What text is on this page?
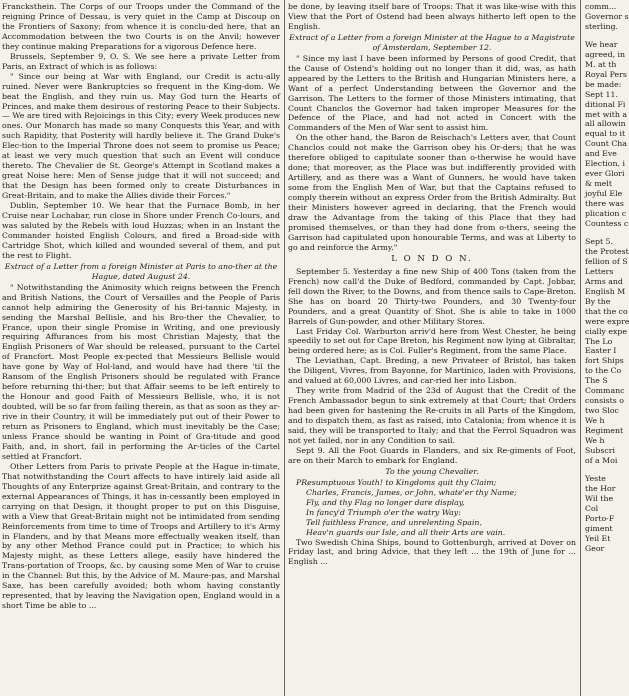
Francksthein. The Corps of our Troops under the Command of the reigning Prince of Dessau, is very quiet in the Camp at Discoup on the Frontiers of Saxony; from whence it is conclu-ded here, that an Accommodation between the two Courts is on the Anvil; however they continue making Preparations for a vigorous Defence here.

Brussels, September 9, O. S. We see here a private Letter from Paris, an Extract of which is as follows:

" Since our being at War with England, our Credit is actu-ally ruined. Never were Bankruptcies so frequent in the King-dom. We beat the English, and they ruin us. May God turn the Hearts of Princes, and make them desirous of restoring Peace to their Subjects. — We are tired with Rejoicings in this City; every Week produces new ones. Our Monarch has made so many Conquests this Year, and with such Rapidity, that Posterity will hardly believe it. The Grand Duke's Elec-tion to the Imperial Throne does not seem to promise us Peace; at least we very much question that such an Event will conduce thereto. The Chevalier de St. George's Attempt in Scotland makes a great Noise here: Men of Sense judge that it will not succeed; and that the Design has been formed only to create Disturbances in Great-Britain, and to make the Allies divide their Forces."

Dublin, September 10. We hear that the Furnace Bomb, in her Cruise near Lochabar, run close in Shore under French Co-lours, and was saluted by the Rebels with loud Huzzas; when in an Instant the Commander hoisted English Colours, and fired a Broad-side with Cartridge Shot, which killed and wounded several of them, and put the rest to Flight.

Extract of a Letter from a foreign Minister at Paris to ano-ther at the Hague, dated August 24.

" Notwithstanding the Animosity which reigns between the French and British Nations, the Court of Versailles and the People of Paris cannot help admiring the Generosity of his Bri-tannic Majesty, in sending the Marshal Bellisle, and his Bro-ther the Chevalier, to France, upon their single Promise in Writing, and one previously requiring Affurances from his most Christian Majesty, that the English Prisoners of War should be released, pursuant to the Cartel of Francfort. Most People ex-pected that Messieurs Bellisle would have gone by Way of Hol-land, and would have had there 'til the Ransom of the English Prisoners should be regulated with France before returning thi-ther; but that Affair seems to be left entirely to the Honour and good Faith of Messieurs Bellisle, who, it is not doubted, will be so far from failing therein, as that as soon as they ar-rive in their Country, it will be immediately put out of their Power to return as Prisoners to England, which must inevitably be the Case; unless France should be wanting in Point of Gra-titude and good Faith, and, in short, fail in performing the Ar-ticles of the Cartel settled at Francfort.

Other Letters from Paris to private People at the Hague in-timate, That notwithstanding the Court affects to have intirely laid aside all Thoughts of any Enterprize against Great-Britain, and contrary to the external Appearances of Things, it has in-cessantly been employed in carrying on that Design, it thought proper to put on this Disguise, with a View that Great-Britain might not be intimidated from sending Reinforcements from time to time of Troops and Artillery to it's Army in Flanders, and by that Means more effectually weaken itself, than by any other Method France could put in Practice; to which his Majesty might, as these Letters allege, easily have hindered the Trans-portation of Troops, &c. by causing some Men of War to cruise in the Channel: But this, by the Advice of M. Maure-pas, and Marshal Saxe, has been carefully avoided; both whom having constantly represented, that by leaving the Navigation open, England would in a short Time be able to ...

be done, by leaving itself bare of Troops: That it was like-wise with this View that the Port of Ostend had been always hitherto left open to the English.

Extract of a Letter from a foreign Minister at the Hague to a Magistrate of Amsterdam, September 12.

" Since my last I have been informed by Persons of good Credit, that the Cause of Ostend's holding out no longer than it did, was, as hath appeared by the Letters to the British and Hungarian Ministers here, a Want of a perfect Understanding between the Governor and the Garrison. The Letters to the former of those Ministers intimating, that Count Chanclos the Governor had taken improper Measures for the Defence of the Place, and had not acted in Concert with the Commanders of the Men of War sent to assist him.

On the other hand, the Baron de Reischach's Letters aver, that Count Chanclos could not make the Garrison obey his Or-ders; that he was therefore obliged to capitulate sooner than o-therwise he would have done; that moreover, as the Place was but indifferently provided with Artillery, and as there was a Want of Gunners, he would have taken some from the English Men of War, but that the Captains refused to comply therein without an express Order from the British Admiralty. But their Ministers however agreed in declaring, that the French would draw the Advantage from the taking of this Place that they had promised themselves, or than they had done from o-thers, seeing the Garrison had capitulated upon honourable Terms, and was at Liberty to go and reinforce the Army."

L O N D O N.

September 5. Yesterday a fine new Ship of 400 Tons (taken from the French) now call'd the Duke of Bedford, commanded by Capt. Jobbar, fell down the River, to the Downs, and from thence sails to Cape-Breton. She has on board 20 Thirty-two Pounders, and 30 Twenty-four Pounders, and a great Quantity of Shot. She is able to take in 1000 Barrels of Gun-powder, and other Military Stores.

Last Friday Col. Warburton arriv'd here from West Chester, he being speedily to set out for Cape Breton, his Regiment now lying at Gibraltar, being ordered here; as is Col. Fuller's Regiment, from the same Place.

The Leviathan, Capt. Breding, a new Privateer of Bristol, has taken the Diligent, Vivres, from Bayonne, for Martinico, laden with Provisions, and valued at 60,000 Livres, and car-ried her into Lisbon.

They write from Madrid of the 23d of August that the Credit of the French Ambassador begun to sink extremely at that Court; that Orders had been given for hastening the Re-cruits in all Parts of the Kingdom, and to dispatch them, as fast as raised, into Catalonia; from whence it is said, they will be transported to Italy; and that the Ferrol Squadron was not yet failed, nor in any Condition to sail.

Sept 9. All the Foot Guards in Flanders, and six Re-giments of Foot, are on their March to embark for England.

To the young Chevalier.

PResumptuous Youth! to Kingdoms quit thy Claim;

Charles, Francis, James, or John, whate'er thy Name;

Fly, and thy Flag no longer dare display,

In fancy'd Triumph o'er the watry Way:

Tell faithless France, and unrelenting Spain,

Heav'n guards our Isle, and all their Arts are vain.

Two Swedish China Ships, bound to Gottenburgh, arrived at Dover on Friday last, and bring Advice, that they left ... the 19th of June for ... English ...

comm...

Governor s

sterling.

We hear

agreed, in

M. at th

Royal Pers

be made:

Sept 11.

ditional Fi

met with a

all allowin

equal to it

Count Cha

and Eve

Election, i

ever Glori

& melt

joyful Ele

there was

plication c

Countess c

Sept 5.

the Protest

fellion of S

Letters

Arms and

English M

By the

that the co

were expre

cially expe

The Lo

Easter I

fort Ships

to the Co

The S

Commanc

consists o

two Sloc

We h

Regiment

We h

Subscri

of a Moi

Yeste

the Hor

Wil the

Col

Porto-F

giment

Yeil Et

Geor
